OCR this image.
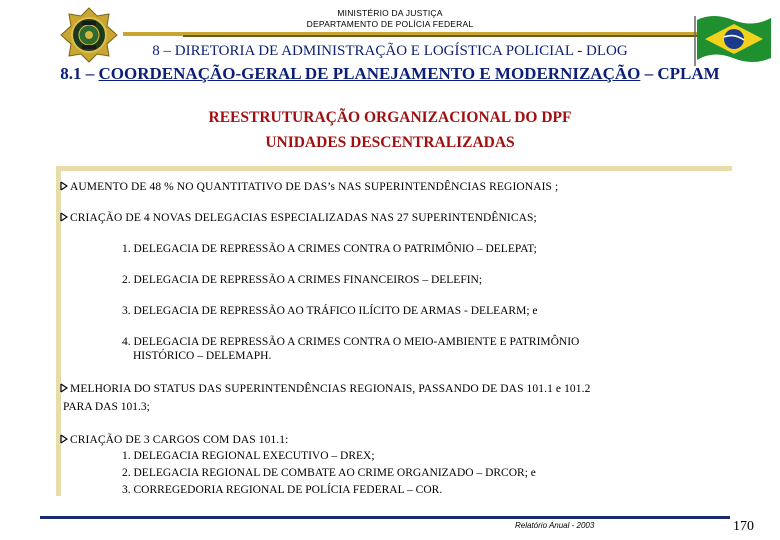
MINISTÉRIO DA JUSTIÇA
DEPARTAMENTO DE POLÍCIA FEDERAL
8 – DIRETORIA DE ADMINISTRAÇÃO E LOGÍSTICA POLICIAL - DLOG
8.1 – COORDENAÇÃO-GERAL DE PLANEJAMENTO E MODERNIZAÇÃO – CPLAM
REESTRUTURAÇÃO ORGANIZACIONAL DO DPF
UNIDADES DESCENTRALIZADAS
AUMENTO DE 48 % NO QUANTITATIVO DE DAS’s NAS SUPERINTENDÊNCIAS REGIONAIS ;
CRIAÇÃO DE 4 NOVAS DELEGACIAS ESPECIALIZADAS NAS 27 SUPERINTENDÊNICAS;
1. DELEGACIA DE REPRESSÃO A CRIMES CONTRA O PATRIMÔNIO – DELEPAT;
2. DELEGACIA DE REPRESSÃO A CRIMES FINANCEIROS – DELEFIN;
3. DELEGACIA DE REPRESSÃO AO TRÁFICO ILÍCITO DE ARMAS - DELEARM; e
4. DELEGACIA DE REPRESSÃO A CRIMES CONTRA O MEIO-AMBIENTE E PATRIMÔNIO
HISTÓRICO – DELEMAPH.
MELHORIA DO STATUS DAS SUPERINTENDÊNCIAS REGIONAIS, PASSANDO DE DAS 101.1 e 101.2
PARA DAS 101.3;
CRIAÇÃO DE 3 CARGOS COM DAS 101.1:
1. DELEGACIA REGIONAL EXECUTIVO – DREX;
2. DELEGACIA REGIONAL DE COMBATE AO CRIME ORGANIZADO – DRCOR; e
3. CORREGEDORIA REGIONAL DE POLÍCIA FEDERAL – COR.
Relatório Anual - 2003	170
